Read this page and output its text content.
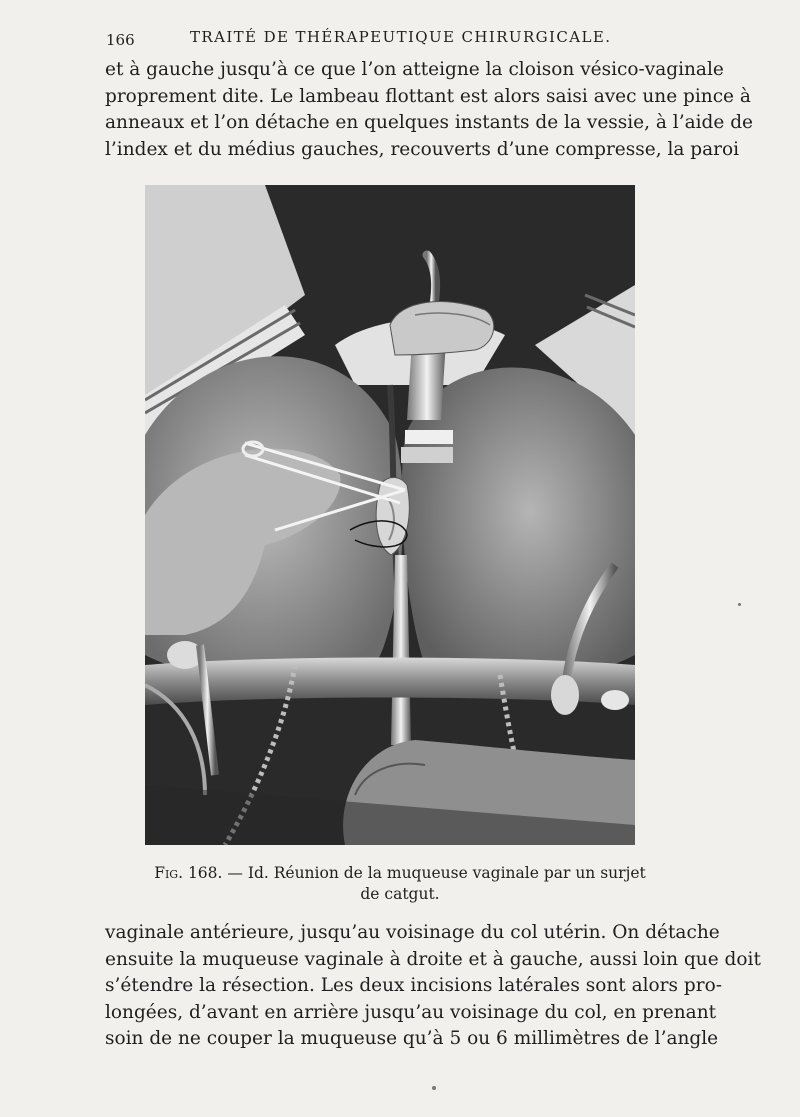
166	TRAITÉ DE THÉRAPEUTIQUE CHIRURGICALE.
et à gauche jusqu’à ce que l’on atteigne la cloison vésico-vaginale
proprement dite. Le lambeau flottant est alors saisi avec une pince à
anneaux et l’on détache en quelques instants de la vessie, à l’aide de
l’index et du médius gauches, recouverts d’une compresse, la paroi
Fig. 168. — Id. Réunion de la muqueuse vaginale par un surjet
de catgut.
vaginale antérieure, jusqu’au voisinage du col utérin. On détache
ensuite la muqueuse vaginale à droite et à gauche, aussi loin que doit
s’étendre la résection. Les deux incisions latérales sont alors pro-
longées, d’avant en arrière jusqu’au voisinage du col, en prenant
soin de ne couper la muqueuse qu’à 5 ou 6 millimètres de l’angle
